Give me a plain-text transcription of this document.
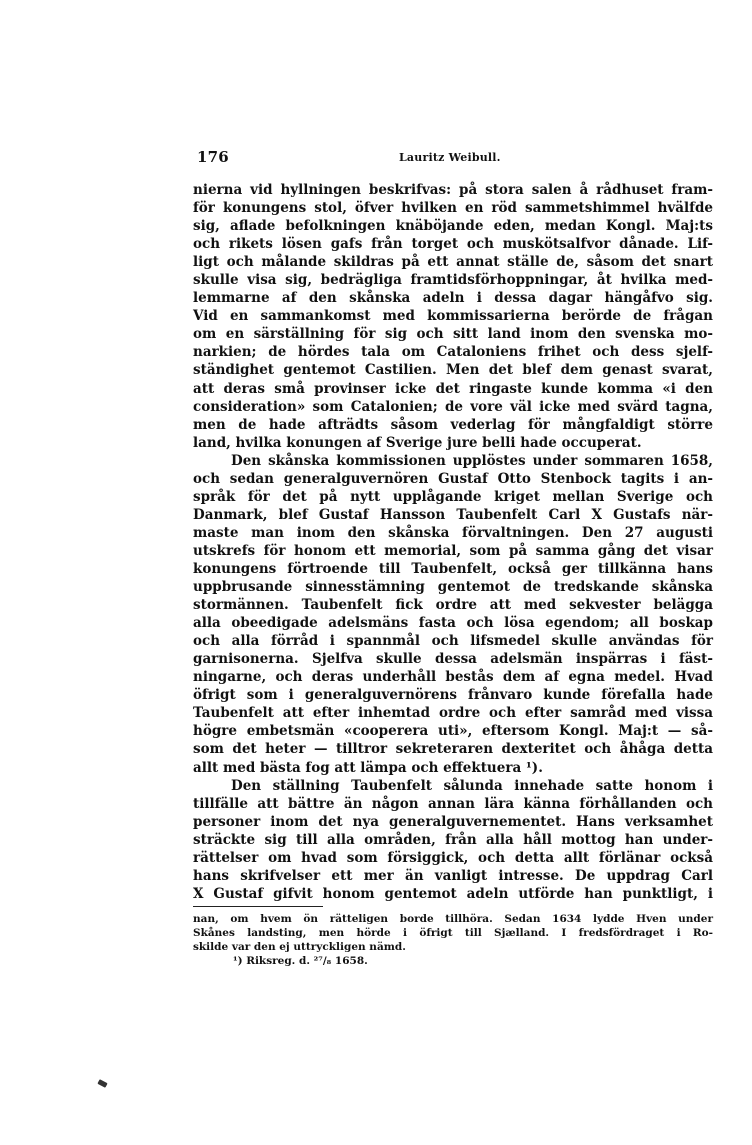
176	Lauritz Weibull.
nierna vid hyllningen beskrifvas: på stora salen å rådhuset fram-
för konungens stol, öfver hvilken en röd sammetshimmel hvälfde
sig, aflade befolkningen knäböjande eden, medan Kongl. Maj:ts
och rikets lösen gafs från torget och muskötsalfvor dånade. Lif-
ligt och målande skildras på ett annat ställe de, såsom det snart
skulle visa sig, bedrägliga framtidsförhoppningar, åt hvilka med-
lemmarne af den skånska adeln i dessa dagar hängåfvo sig.
Vid en sammankomst med kommissarierna berörde de frågan
om en särställning för sig och sitt land inom den svenska mo-
narkien; de hördes tala om Cataloniens frihet och dess sjelf-
ständighet gentemot Castilien. Men det blef dem genast svarat,
att deras små provinser icke det ringaste kunde komma «i den
consideration» som Catalonien; de vore väl icke med svärd tagna,
men de hade afträdts såsom vederlag för mångfaldigt större
land, hvilka konungen af Sverige jure belli hade occuperat.
Den skånska kommissionen upplöstes under sommaren 1658,
och sedan generalguvernören Gustaf Otto Stenbock tagits i an-
språk för det på nytt upplågande kriget mellan Sverige och
Danmark, blef Gustaf Hansson Taubenfelt Carl X Gustafs när-
maste man inom den skånska förvaltningen. Den 27 augusti
utskrefs för honom ett memorial, som på samma gång det visar
konungens förtroende till Taubenfelt, också ger tillkänna hans
uppbrusande sinnesstämning gentemot de tredskande skånska
stormännen. Taubenfelt fick ordre att med sekvester belägga
alla obeedigade adelsmäns fasta och lösa egendom; all boskap
och alla förråd i spannmål och lifsmedel skulle användas för
garnisonerna. Sjelfva skulle dessa adelsmän inspärras i fäst-
ningarne, och deras underhåll bestås dem af egna medel. Hvad
öfrigt som i generalguvernörens frånvaro kunde förefalla hade
Taubenfelt att efter inhemtad ordre och efter samråd med vissa
högre embetsmän «cooperera uti», eftersom Kongl. Maj:t — så-
som det heter — tilltror sekreteraren dexteritet och åhåga detta
allt med bästa fog att lämpa och effektuera ¹).
Den ställning Taubenfelt sålunda innehade satte honom i
tillfälle att bättre än någon annan lära känna förhållanden och
personer inom det nya generalguvernementet. Hans verksamhet
sträckte sig till alla områden, från alla håll mottog han under-
rättelser om hvad som försiggick, och detta allt förlänar också
hans skrifvelser ett mer än vanligt intresse. De uppdrag Carl
X Gustaf gifvit honom gentemot adeln utförde han punktligt, i
nan, om hvem ön rätteligen borde tillhöra. Sedan 1634 lydde Hven under
Skånes landsting, men hörde i öfrigt till Sjælland. I fredsfördraget i Ro-
skilde var den ej uttryckligen nämd.
¹) Riksreg. d. ²⁷/₈ 1658.
